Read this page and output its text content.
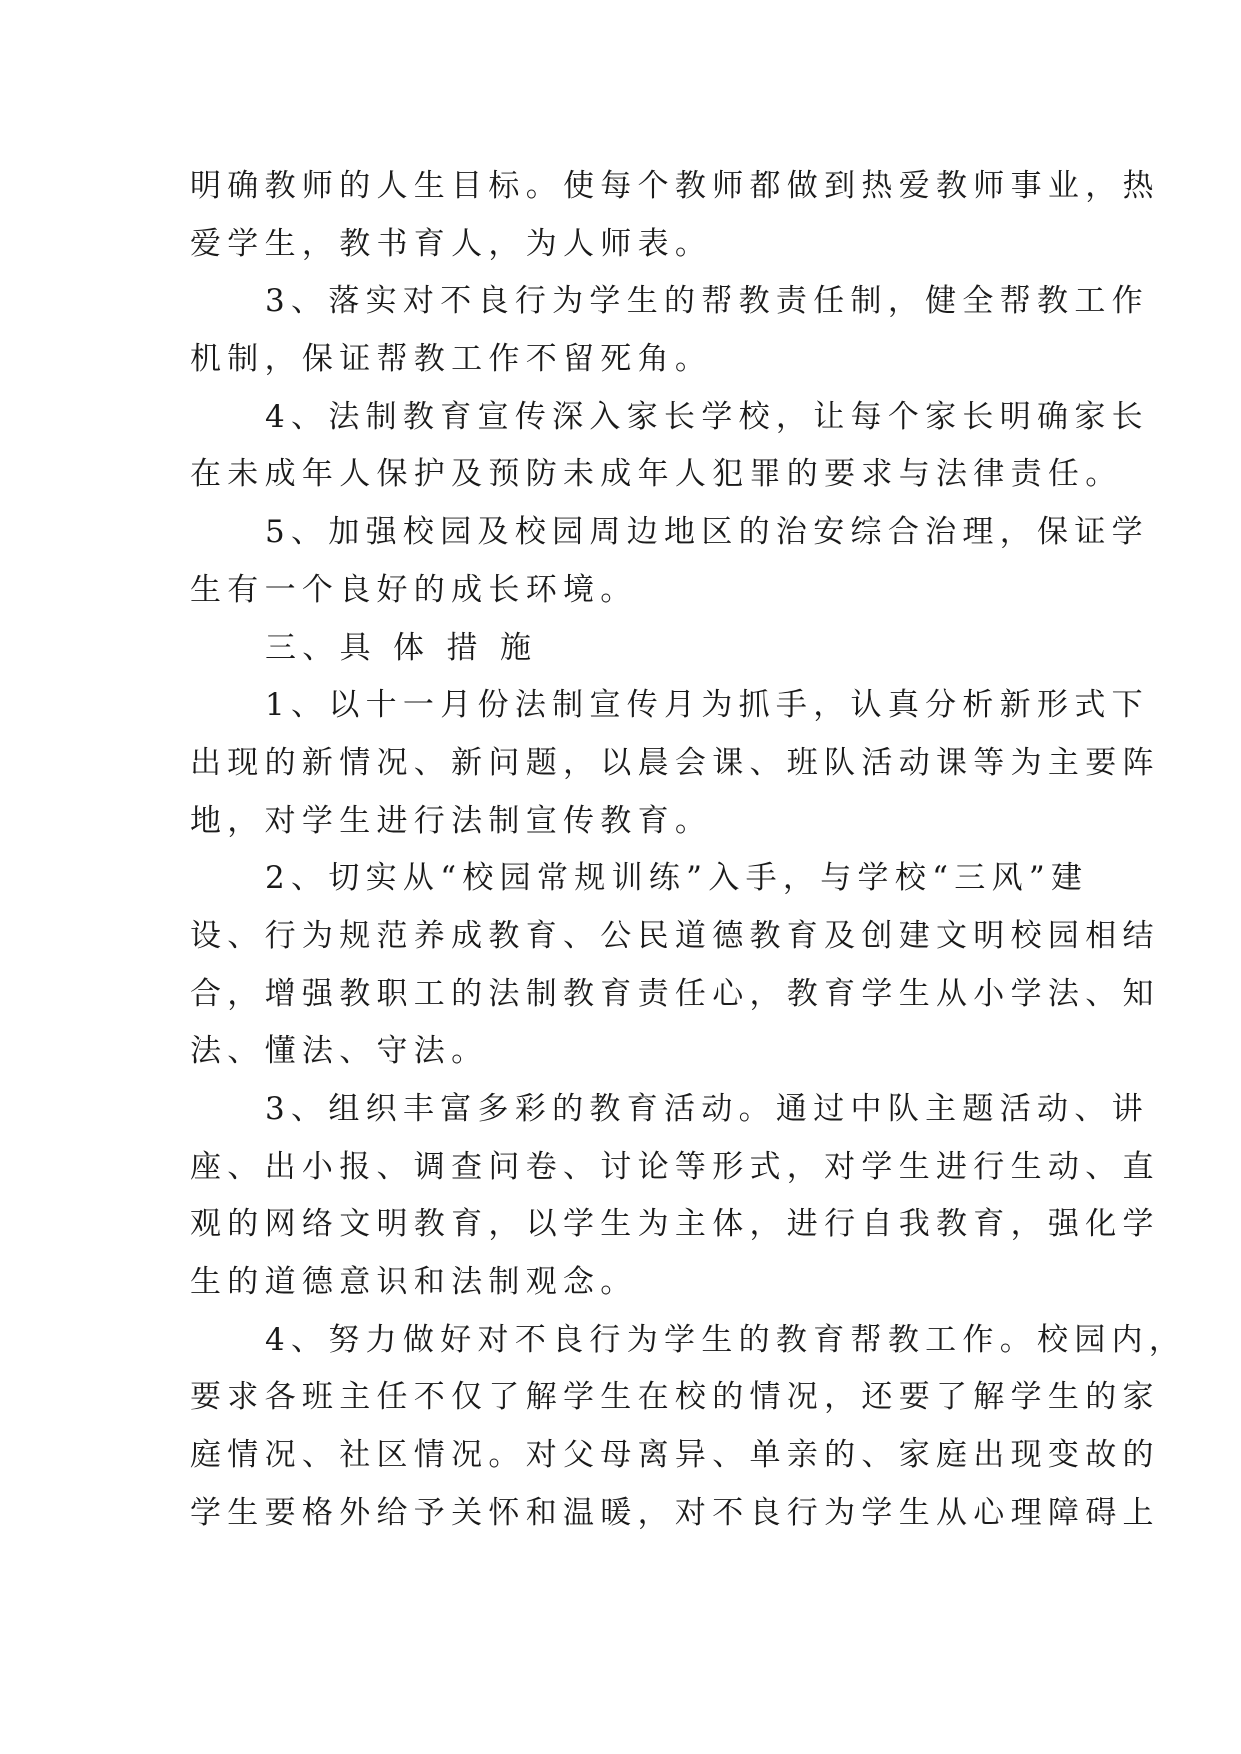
明确教师的人生目标。使每个教师都做到热爱教师事业，热
爱学生，教书育人，为人师表。
3、落实对不良行为学生的帮教责任制，健全帮教工作
机制，保证帮教工作不留死角。
4、法制教育宣传深入家长学校，让每个家长明确家长
在未成年人保护及预防未成年人犯罪的要求与法律责任。
5、加强校园及校园周边地区的治安综合治理，保证学
生有一个良好的成长环境。
三、具 体 措 施
1、以十一月份法制宣传月为抓手，认真分析新形式下
出现的新情况、新问题，以晨会课、班队活动课等为主要阵
地，对学生进行法制宣传教育。
2、切实从“校园常规训练”入手，与学校“三风”建
设、行为规范养成教育、公民道德教育及创建文明校园相结
合，增强教职工的法制教育责任心，教育学生从小学法、知
法、懂法、守法。
3、组织丰富多彩的教育活动。通过中队主题活动、讲
座、出小报、调查问卷、讨论等形式，对学生进行生动、直
观的网络文明教育，以学生为主体，进行自我教育，强化学
生的道德意识和法制观念。
4、努力做好对不良行为学生的教育帮教工作。校园内，
要求各班主任不仅了解学生在校的情况，还要了解学生的家
庭情况、社区情况。对父母离异、单亲的、家庭出现变故的
学生要格外给予关怀和温暖，对不良行为学生从心理障碍上
